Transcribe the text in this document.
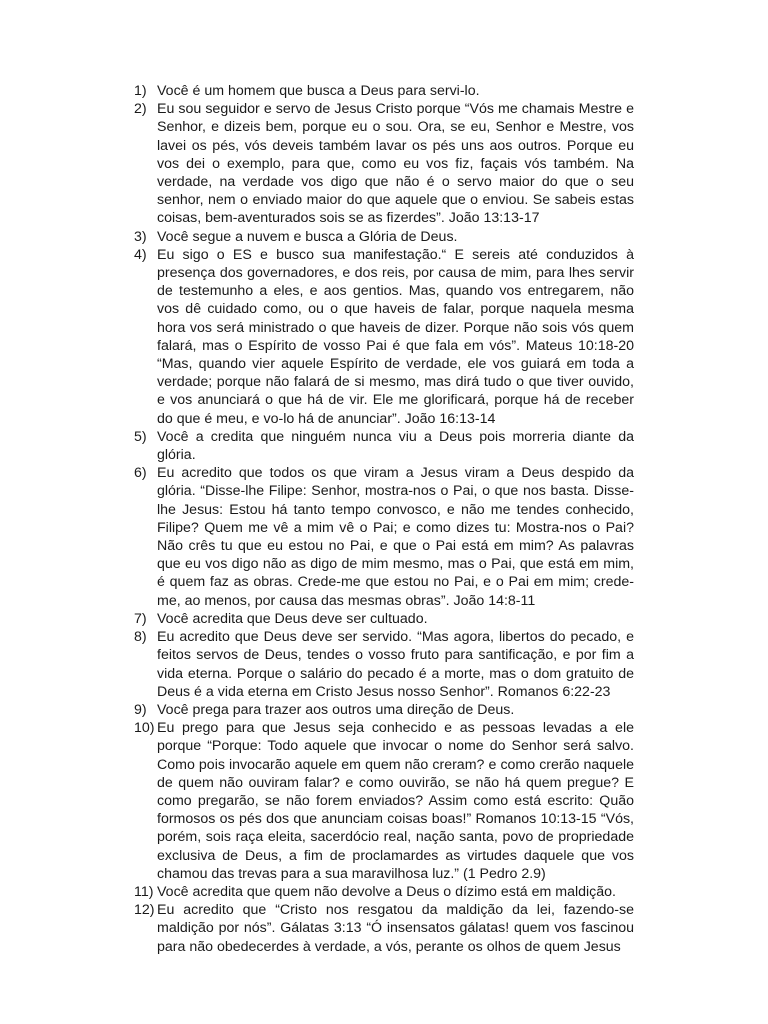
1) Você é um homem que busca a Deus para servi-lo.
2) Eu sou seguidor e servo de Jesus Cristo porque “Vós me chamais Mestre e Senhor, e dizeis bem, porque eu o sou. Ora, se eu, Senhor e Mestre, vos lavei os pés, vós deveis também lavar os pés uns aos outros. Porque eu vos dei o exemplo, para que, como eu vos fiz, façais vós também. Na verdade, na verdade vos digo que não é o servo maior do que o seu senhor, nem o enviado maior do que aquele que o enviou. Se sabeis estas coisas, bem-aventurados sois se as fizerdes”. João 13:13-17
3) Você segue a nuvem e busca a Glória de Deus.
4) Eu sigo o ES e busco sua manifestação.“ E sereis até conduzidos à presença dos governadores, e dos reis, por causa de mim, para lhes servir de testemunho a eles, e aos gentios. Mas, quando vos entregarem, não vos dê cuidado como, ou o que haveis de falar, porque naquela mesma hora vos será ministrado o que haveis de dizer. Porque não sois vós quem falará, mas o Espírito de vosso Pai é que fala em vós”. Mateus 10:18-20 “Mas, quando vier aquele Espírito de verdade, ele vos guiará em toda a verdade; porque não falará de si mesmo, mas dirá tudo o que tiver ouvido, e vos anunciará o que há de vir. Ele me glorificará, porque há de receber do que é meu, e vo-lo há de anunciar”. João 16:13-14
5) Você a credita que ninguém nunca viu a Deus pois morreria diante da glória.
6) Eu acredito que todos os que viram a Jesus viram a Deus despido da glória. “Disse-lhe Filipe: Senhor, mostra-nos o Pai, o que nos basta. Disse-lhe Jesus: Estou há tanto tempo convosco, e não me tendes conhecido, Filipe? Quem me vê a mim vê o Pai; e como dizes tu: Mostra-nos o Pai? Não crês tu que eu estou no Pai, e que o Pai está em mim? As palavras que eu vos digo não as digo de mim mesmo, mas o Pai, que está em mim, é quem faz as obras. Crede-me que estou no Pai, e o Pai em mim; crede-me, ao menos, por causa das mesmas obras”. João 14:8-11
7) Você acredita que Deus deve ser cultuado.
8) Eu acredito que Deus deve ser servido. “Mas agora, libertos do pecado, e feitos servos de Deus, tendes o vosso fruto para santificação, e por fim a vida eterna. Porque o salário do pecado é a morte, mas o dom gratuito de Deus é a vida eterna em Cristo Jesus nosso Senhor”. Romanos 6:22-23
9) Você prega para trazer aos outros uma direção de Deus.
10) Eu prego para que Jesus seja conhecido e as pessoas levadas a ele porque “Porque: Todo aquele que invocar o nome do Senhor será salvo. Como pois invocarão aquele em quem não creram? e como crerão naquele de quem não ouviram falar? e como ouvirão, se não há quem pregue? E como pregarão, se não forem enviados? Assim como está escrito: Quão formosos os pés dos que anunciam coisas boas!” Romanos 10:13-15 “Vós, porém, sois raça eleita, sacerdócio real, nação santa, povo de propriedade exclusiva de Deus, a fim de proclamardes as virtudes daquele que vos chamou das trevas para a sua maravilhosa luz.” (1 Pedro 2.9)
11) Você acredita que quem não devolve a Deus o dízimo está em maldição.
12) Eu acredito que “Cristo nos resgatou da maldição da lei, fazendo-se maldição por nós”. Gálatas 3:13 “Ó insensatos gálatas! quem vos fascinou para não obedecerdes à verdade, a vós, perante os olhos de quem Jesus
